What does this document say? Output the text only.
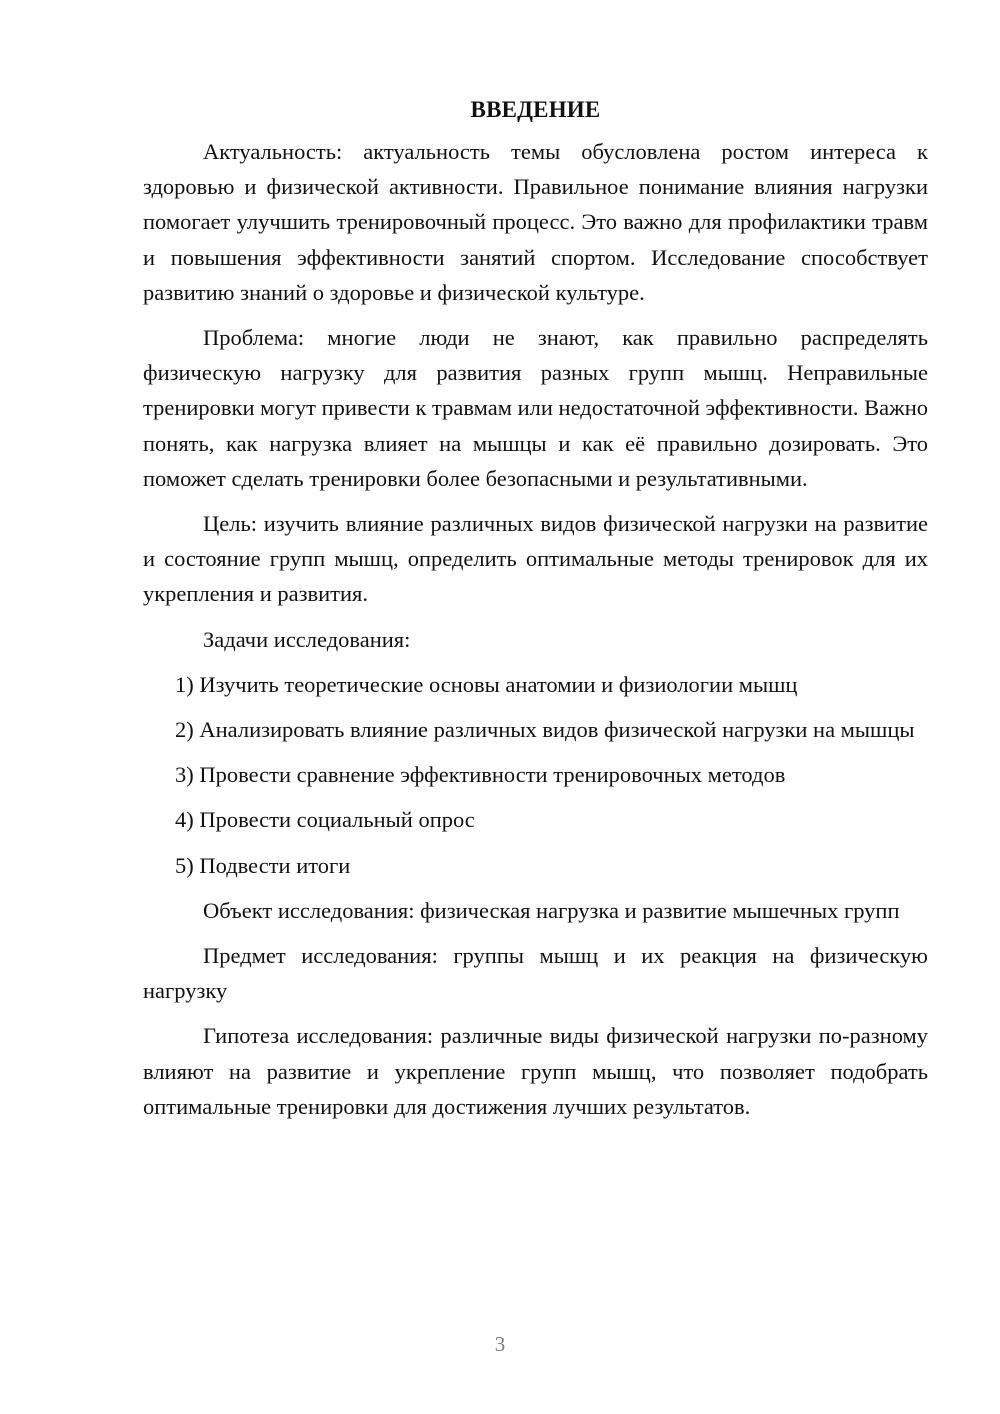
ВВЕДЕНИЕ

Актуальность: актуальность темы обусловлена ростом интереса к здоровью и физической активности. Правильное понимание влияния нагрузки помогает улучшить тренировочный процесс. Это важно для профилактики травм и повышения эффективности занятий спортом. Исследование способствует развитию знаний о здоровье и физической культуре.

Проблема: многие люди не знают, как правильно распределять физическую нагрузку для развития разных групп мышц. Неправильные тренировки могут привести к травмам или недостаточной эффективности. Важно понять, как нагрузка влияет на мышцы и как её правильно дозировать. Это поможет сделать тренировки более безопасными и результативными.

Цель: изучить влияние различных видов физической нагрузки на развитие и состояние групп мышц, определить оптимальные методы тренировок для их укрепления и развития.

Задачи исследования:

1) Изучить теоретические основы анатомии и физиологии мышц

2) Анализировать влияние различных видов физической нагрузки на мышцы

3) Провести сравнение эффективности тренировочных методов

4) Провести социальный опрос

5) Подвести итоги

Объект исследования: физическая нагрузка и развитие мышечных групп

Предмет исследования: группы мышц и их реакция на физическую нагрузку

Гипотеза исследования: различные виды физической нагрузки по-разному влияют на развитие и укрепление групп мышц, что позволяет подобрать оптимальные тренировки для достижения лучших результатов.

3
